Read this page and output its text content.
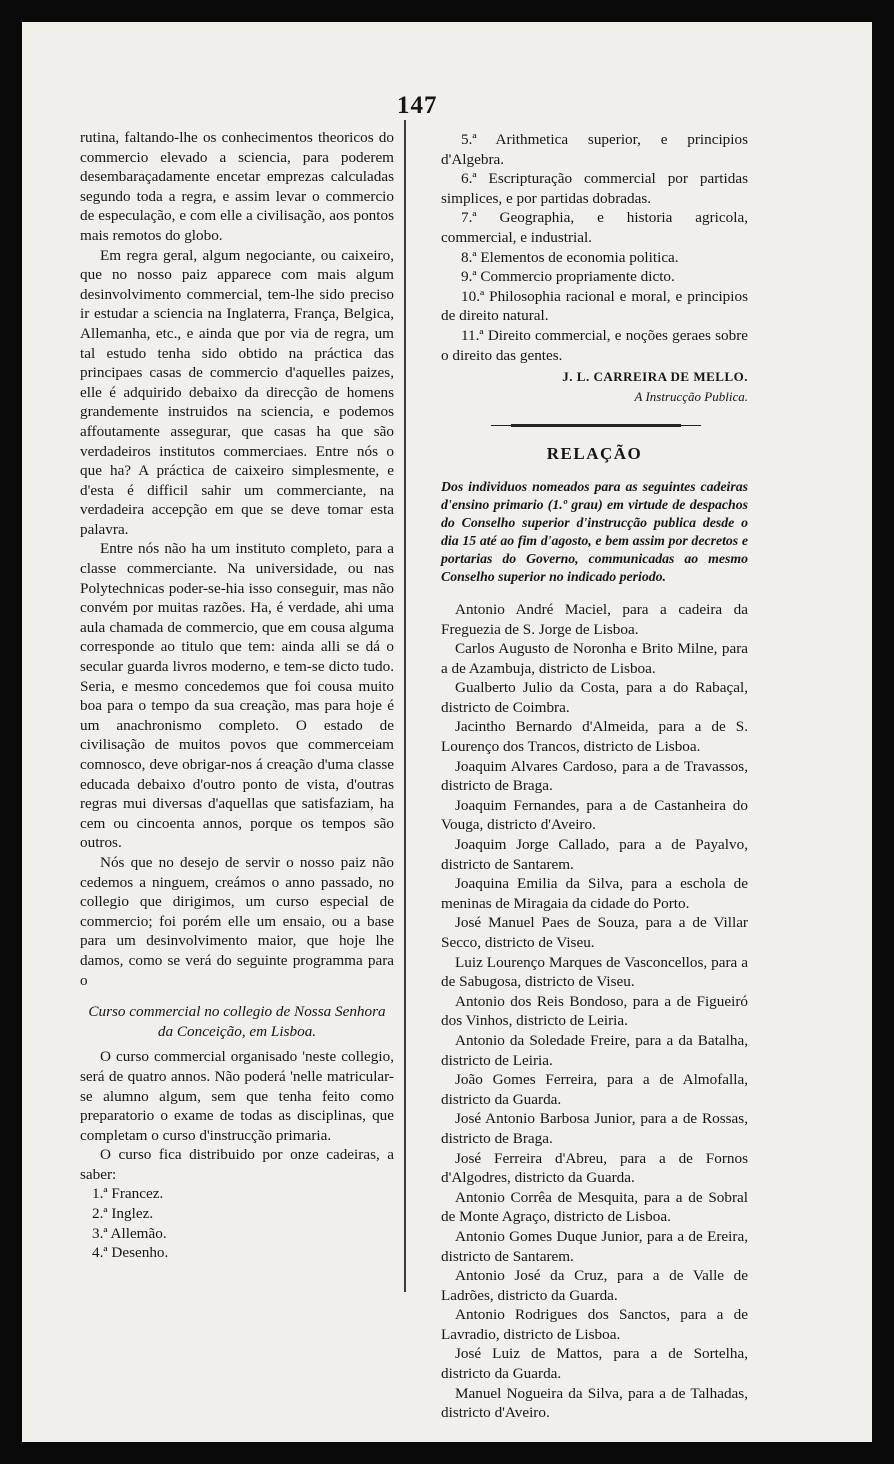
147

rutina, faltando-lhe os conhecimentos theoricos do commercio elevado a sciencia, para poderem desembaraçadamente encetar emprezas calculadas segundo toda a regra, e assim levar o commercio de especulação, e com elle a civilisação, aos pontos mais remotos do globo.

Em regra geral, algum negociante, ou caixeiro, que no nosso paiz apparece com mais algum desinvolvimento commercial, tem-lhe sido preciso ir estudar a sciencia na Inglaterra, França, Belgica, Allemanha, etc., e ainda que por via de regra, um tal estudo tenha sido obtido na práctica das principaes casas de commercio d'aquelles paizes, elle é adquirido debaixo da direcção de homens grandemente instruidos na sciencia, e podemos affoutamente assegurar, que casas ha que são verdadeiros institutos commerciaes. Entre nós o que ha? A práctica de caixeiro simplesmente, e d'esta é difficil sahir um commerciante, na verdadeira accepção em que se deve tomar esta palavra.

Entre nós não ha um instituto completo, para a classe commerciante. Na universidade, ou nas Polytechnicas poder-se-hia isso conseguir, mas não convém por muitas razões. Ha, é verdade, ahi uma aula chamada de commercio, que em cousa alguma corresponde ao titulo que tem: ainda alli se dá o secular guarda livros moderno, e tem-se dicto tudo. Seria, e mesmo concedemos que foi cousa muito boa para o tempo da sua creação, mas para hoje é um anachronismo completo. O estado de civilisação de muitos povos que commerceiam comnosco, deve obrigar-nos á creação d'uma classe educada debaixo d'outro ponto de vista, d'outras regras mui diversas d'aquellas que satisfaziam, ha cem ou cincoenta annos, porque os tempos são outros.

Nós que no desejo de servir o nosso paiz não cedemos a ninguem, creámos o anno passado, no collegio que dirigimos, um curso especial de commercio; foi porém elle um ensaio, ou a base para um desinvolvimento maior, que hoje lhe damos, como se verá do seguinte programma para o

Curso commercial no collegio de Nossa Senhora da Conceição, em Lisboa.

O curso commercial organisado 'neste collegio, será de quatro annos. Não poderá 'nelle matricular-se alumno algum, sem que tenha feito como preparatorio o exame de todas as disciplinas, que completam o curso d'instrucção primaria.

O curso fica distribuido por onze cadeiras, a saber:

1.ª Francez.

2.ª Inglez.

3.ª Allemão.

4.ª Desenho.

5.ª Arithmetica superior, e principios d'Algebra.

6.ª Escripturação commercial por partidas simplices, e por partidas dobradas.

7.ª Geographia, e historia agricola, commercial, e industrial.

8.ª Elementos de economia politica.

9.ª Commercio propriamente dicto.

10.ª Philosophia racional e moral, e principios de direito natural.

11.ª Direito commercial, e noções geraes sobre o direito das gentes.

J. L. CARREIRA DE MELLO.

A Instrucção Publica.

RELAÇÃO

Dos individuos nomeados para as seguintes cadeiras d'ensino primario (1.º grau) em virtude de despachos do Conselho superior d'instrucção publica desde o dia 15 até ao fim d'agosto, e bem assim por decretos e portarias do Governo, communicadas ao mesmo Conselho superior no indicado periodo.

Antonio André Maciel, para a cadeira da Freguezia de S. Jorge de Lisboa.

Carlos Augusto de Noronha e Brito Milne, para a de Azambuja, districto de Lisboa.

Gualberto Julio da Costa, para a do Rabaçal, districto de Coimbra.

Jacintho Bernardo d'Almeida, para a de S. Lourenço dos Trancos, districto de Lisboa.

Joaquim Alvares Cardoso, para a de Travassos, districto de Braga.

Joaquim Fernandes, para a de Castanheira do Vouga, districto d'Aveiro.

Joaquim Jorge Callado, para a de Payalvo, districto de Santarem.

Joaquina Emilia da Silva, para a eschola de meninas de Miragaia da cidade do Porto.

José Manuel Paes de Souza, para a de Villar Secco, districto de Viseu.

Luiz Lourenço Marques de Vasconcellos, para a de Sabugosa, districto de Viseu.

Antonio dos Reis Bondoso, para a de Figueiró dos Vinhos, districto de Leiria.

Antonio da Soledade Freire, para a da Batalha, districto de Leiria.

João Gomes Ferreira, para a de Almofalla, districto da Guarda.

José Antonio Barbosa Junior, para a de Rossas, districto de Braga.

José Ferreira d'Abreu, para a de Fornos d'Algodres, districto da Guarda.

Antonio Corrêa de Mesquita, para a de Sobral de Monte Agraço, districto de Lisboa.

Antonio Gomes Duque Junior, para a de Ereira, districto de Santarem.

Antonio José da Cruz, para a de Valle de Ladrões, districto da Guarda.

Antonio Rodrigues dos Sanctos, para a de Lavradio, districto de Lisboa.

José Luiz de Mattos, para a de Sortelha, districto da Guarda.

Manuel Nogueira da Silva, para a de Talhadas, districto d'Aveiro.
